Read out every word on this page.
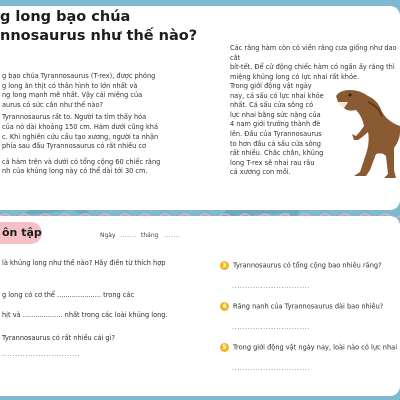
g long bạo chúa
nnosaurus như thế nào?

g bạo chúa Tyrannosaurus (T-rex), được phóng

g long ăn thịt có thân hình to lớn nhất và

ng long mạnh mẽ nhất. Vậy cái miệng của

aurus có sức cắn như thế nào?

Tyrannosaurus rất to. Người ta tìm thấy hóa

của nó dài khoảng 150 cm. Hàm dưới cũng khá

c. Khi nghiên cứu cấu tạo xương, người ta nhận

phía sau đầu Tyrannosaurus có rất nhiều cơ

cả hàm trên và dưới có tổng cộng 60 chiếc răng

nh của khủng long này có thể dài tới 30 cm.

Các răng hàm còn có viền răng cưa giống như dao cắt
bít-tết. Để cử động chiếc hàm có ngần ấy răng thì
miệng khủng long có lực nhai rất khỏe.
Trong giới động vật ngày
nay, cá sấu có lực nhai khỏe
nhất. Cá sấu cửa sông có
lực nhai bằng sức nặng của
4 nam giới trưởng thành đè
lên. Đầu của Tyrannosaurus
to hơn đầu cá sấu cửa sông
rất nhiều. Chắc chắn, khủng
long T-rex sẽ nhai rau râu
cá xương con mồi.
ôn tập	Ngày ....... tháng .......
là khủng long như thế nào? Hãy điền từ thích hợp
g long có cơ thể ..................... trong các
hịt và ................... nhất trong các loài khủng long.
Tyrannosaurus có rất nhiều cái gì?
..............................
3 Tyrannosaurus có tổng cộng bao nhiêu răng?
..............................
4 Răng nanh của Tyrannosaurus dài bao nhiêu?
..............................
5 Trong giới động vật ngày nay, loài nào có lực nhai
..............................
